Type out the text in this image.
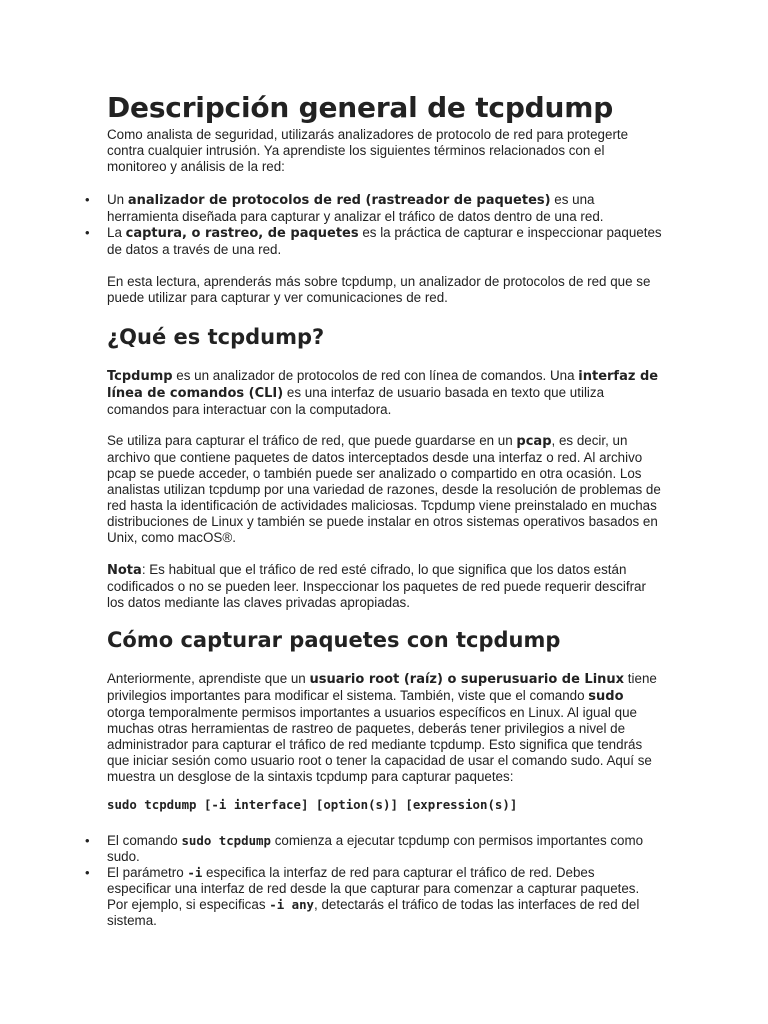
Descripción general de tcpdump

Como analista de seguridad, utilizarás analizadores de protocolo de red para protegerte contra cualquier intrusión. Ya aprendiste los siguientes términos relacionados con el monitoreo y análisis de la red:

• Un analizador de protocolos de red (rastreador de paquetes) es una herramienta diseñada para capturar y analizar el tráfico de datos dentro de una red.
• La captura, o rastreo, de paquetes es la práctica de capturar e inspeccionar paquetes de datos a través de una red.

En esta lectura, aprenderás más sobre tcpdump, un analizador de protocolos de red que se puede utilizar para capturar y ver comunicaciones de red.

¿Qué es tcpdump?

Tcpdump es un analizador de protocolos de red con línea de comandos. Una interfaz de línea de comandos (CLI) es una interfaz de usuario basada en texto que utiliza comandos para interactuar con la computadora.

Se utiliza para capturar el tráfico de red, que puede guardarse en un pcap, es decir, un archivo que contiene paquetes de datos interceptados desde una interfaz o red. Al archivo pcap se puede acceder, o también puede ser analizado o compartido en otra ocasión. Los analistas utilizan tcpdump por una variedad de razones, desde la resolución de problemas de red hasta la identificación de actividades maliciosas. Tcpdump viene preinstalado en muchas distribuciones de Linux y también se puede instalar en otros sistemas operativos basados en Unix, como macOS®.

Nota: Es habitual que el tráfico de red esté cifrado, lo que significa que los datos están codificados o no se pueden leer. Inspeccionar los paquetes de red puede requerir descifrar los datos mediante las claves privadas apropiadas.

Cómo capturar paquetes con tcpdump

Anteriormente, aprendiste que un usuario root (raíz) o superusuario de Linux tiene privilegios importantes para modificar el sistema. También, viste que el comando sudo otorga temporalmente permisos importantes a usuarios específicos en Linux. Al igual que muchas otras herramientas de rastreo de paquetes, deberás tener privilegios a nivel de administrador para capturar el tráfico de red mediante tcpdump. Esto significa que tendrás que iniciar sesión como usuario root o tener la capacidad de usar el comando sudo. Aquí se muestra un desglose de la sintaxis tcpdump para capturar paquetes:

sudo tcpdump [-i interface] [option(s)] [expression(s)]
• El comando sudo tcpdump comienza a ejecutar tcpdump con permisos importantes como sudo.
• El parámetro -i especifica la interfaz de red para capturar el tráfico de red. Debes especificar una interfaz de red desde la que capturar para comenzar a capturar paquetes. Por ejemplo, si especificas -i any, detectarás el tráfico de todas las interfaces de red del sistema.
